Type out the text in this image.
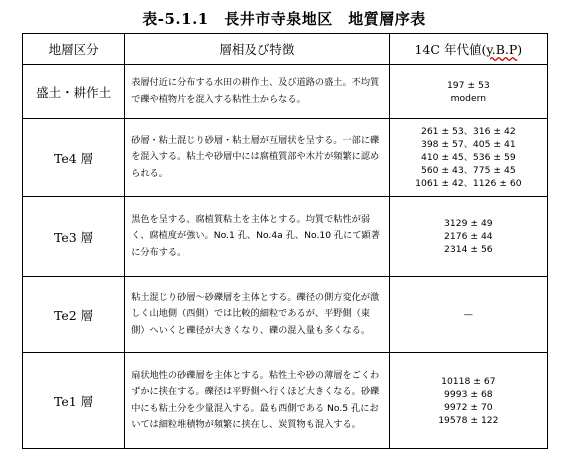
表-5.1.1　長井市寺泉地区　地質層序表
地層区分	層相及び特徴	14C 年代値(y.B.P)
盛土・耕作土	表層付近に分布する水田の耕作土、及び道路の盛土。不均質で礫や植物片を混入する粘性土からなる。	197 ± 53
modern

Te4 層	砂層・粘土混じり砂層・粘土層が互層状を呈する。一部に礫を混入する。粘土や砂層中には腐植質部や木片が頻繁に認められる。	261 ± 53、316 ± 42
398 ± 57、405 ± 41
410 ± 45、536 ± 59
560 ± 43、775 ± 45
1061 ± 42、1126 ± 60

Te3 層	黒色を呈する、腐植質粘土を主体とする。均質で粘性が弱く、腐植度が強い。No.1 孔、No.4a 孔、No.10 孔にて顕著に分布する。	3129 ± 49
2176 ± 44
2314 ± 56

Te2 層	粘土混じり砂層〜砂礫層を主体とする。礫径の側方変化が激しく山地側（西側）では比較的細粒であるが、平野側（東側）へいくと礫径が大きくなり、礫の混入量も多くなる。	—

Te1 層	扇状地性の砂礫層を主体とする。粘性土や砂の薄層をごくわずかに挟在する。礫径は平野側へ行くほど大きくなる。砂礫中にも粘土分を少量混入する。最も西側である No.5 孔においては細粒堆積物が頻繁に挟在し、炭質物も混入する。	10118 ± 67
9993 ± 68
9972 ± 70
19578 ± 122
